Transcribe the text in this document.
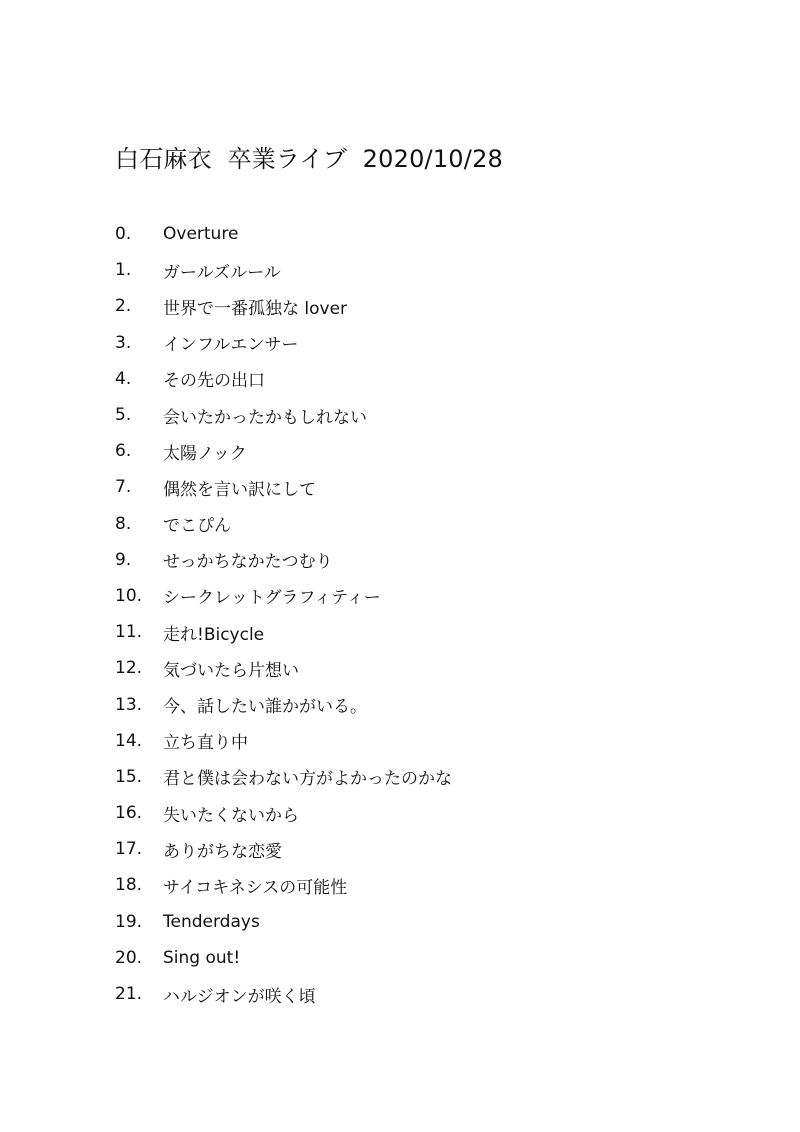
白石麻衣  卒業ライブ  2020/10/28
0.	Overture
1.	ガールズルール
2.	世界で一番孤独な lover
3.	インフルエンサー
4.	その先の出口
5.	会いたかったかもしれない
6.	太陽ノック
7.	偶然を言い訳にして
8.	でこぴん
9.	せっかちなかたつむり
10.	シークレットグラフィティー
11.	走れ!Bicycle
12.	気づいたら片想い
13.	今、話したい誰かがいる。
14.	立ち直り中
15.	君と僕は会わない方がよかったのかな
16.	失いたくないから
17.	ありがちな恋愛
18.	サイコキネシスの可能性
19.	Tenderdays
20.	Sing out!
21.	ハルジオンが咲く頃
